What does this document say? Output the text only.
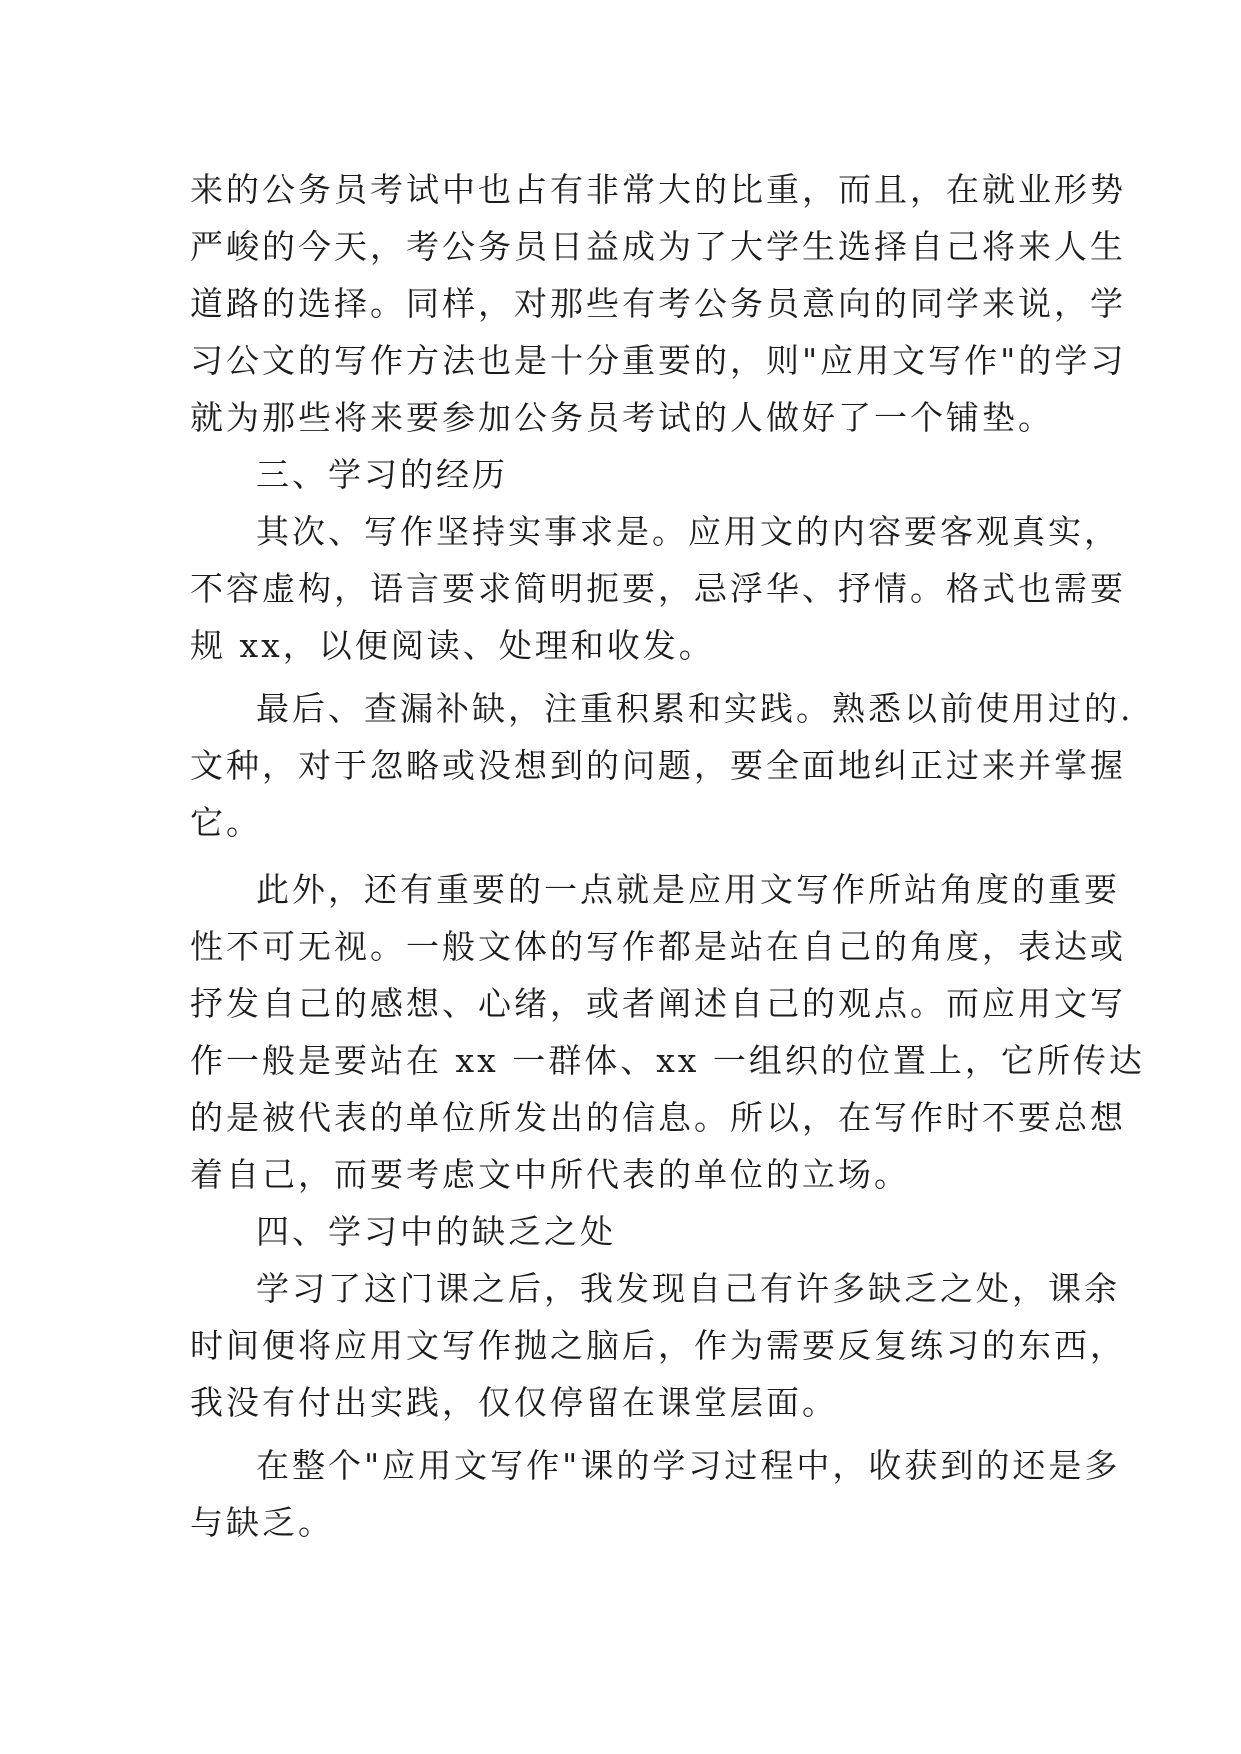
来的公务员考试中也占有非常大的比重，而且，在就业形势
严峻的今天，考公务员日益成为了大学生选择自己将来人生
道路的选择。同样，对那些有考公务员意向的同学来说，学
习公文的写作方法也是十分重要的，则"应用文写作"的学习
就为那些将来要参加公务员考试的人做好了一个铺垫。
三、学习的经历
其次、写作坚持实事求是。应用文的内容要客观真实，
不容虚构，语言要求简明扼要，忌浮华、抒情。格式也需要
规 xx，以便阅读、处理和收发。
最后、查漏补缺，注重积累和实践。熟悉以前使用过的.
文种，对于忽略或没想到的问题，要全面地纠正过来并掌握
它。
此外，还有重要的一点就是应用文写作所站角度的重要
性不可无视。一般文体的写作都是站在自己的角度，表达或
抒发自己的感想、心绪，或者阐述自己的观点。而应用文写
作一般是要站在 xx 一群体、xx 一组织的位置上，它所传达
的是被代表的单位所发出的信息。所以，在写作时不要总想
着自己，而要考虑文中所代表的单位的立场。
四、学习中的缺乏之处
学习了这门课之后，我发现自己有许多缺乏之处，课余
时间便将应用文写作抛之脑后，作为需要反复练习的东西，
我没有付出实践，仅仅停留在课堂层面。
在整个"应用文写作"课的学习过程中，收获到的还是多
与缺乏。
